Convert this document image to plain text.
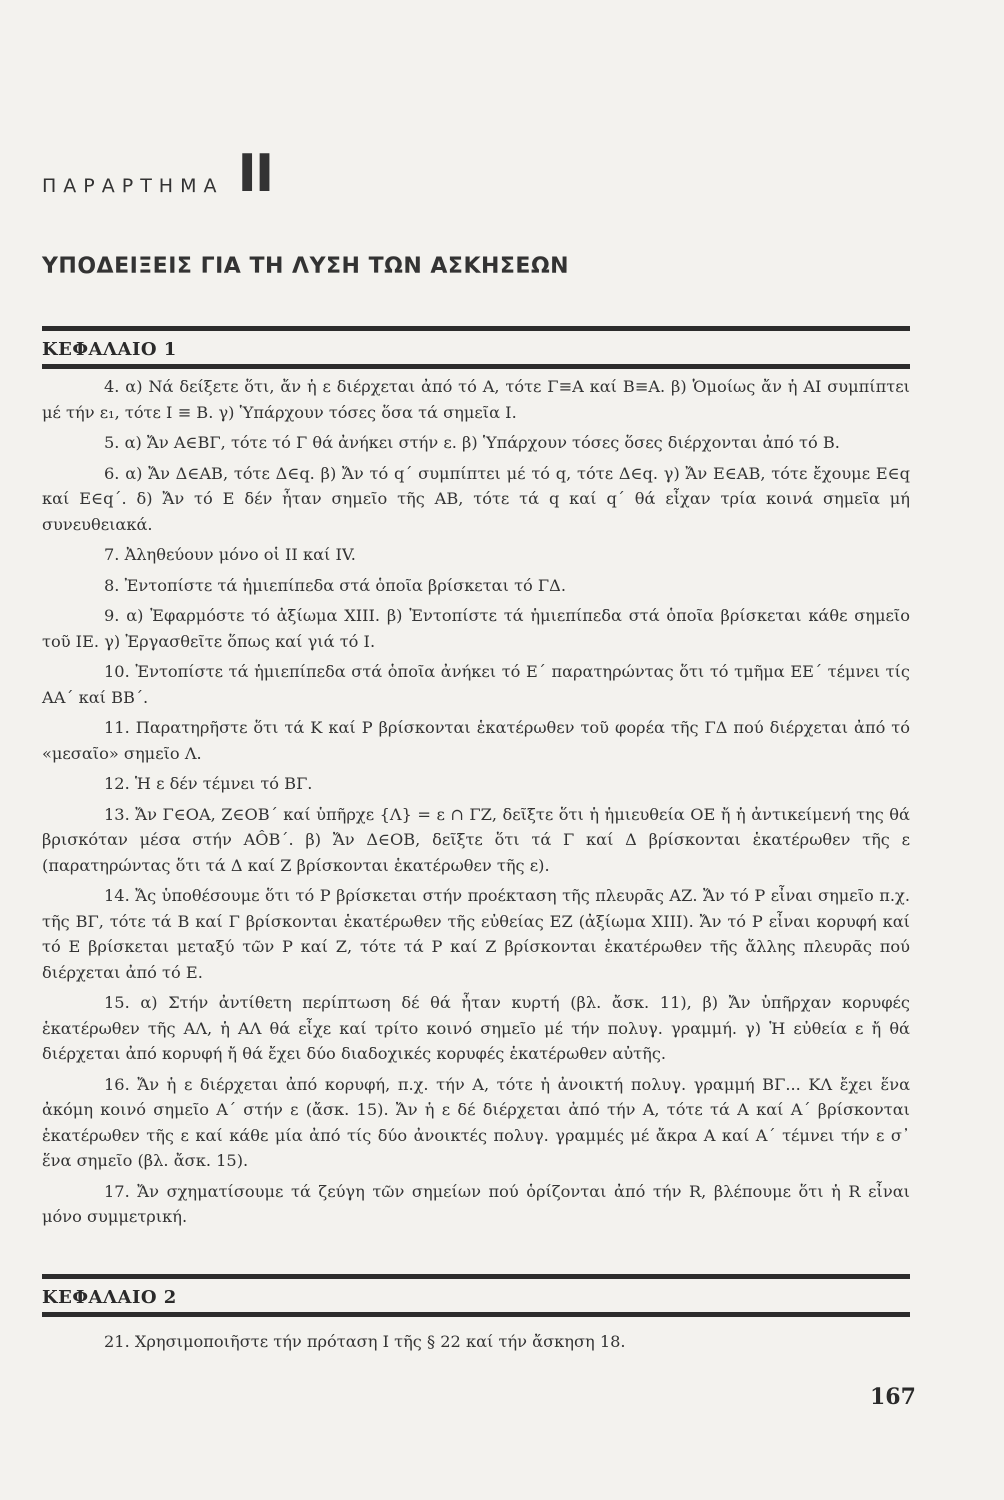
ΠΑΡΑΡΤΗΜΑ II
ΥΠΟΔΕΙΞΕΙΣ ΓΙΑ ΤΗ ΛΥΣΗ ΤΩΝ ΑΣΚΗΣΕΩΝ
ΚΕΦΑΛΑΙΟ 1

4. α) Νά δείξετε ὅτι, ἄν ἡ ε διέρχεται ἀπό τό Α, τότε Γ≡Α καί Β≡Α. β) Ὁμοίως ἄν ἡ ΑΙ συμπίπτει μέ τήν ε₁, τότε Ι ≡ Β. γ) Ὑπάρχουν τόσες ὅσα τά σημεῖα Ι.

5. α) Ἄν Α∈ΒΓ, τότε τό Γ θά ἀνήκει στήν ε. β) Ὑπάρχουν τόσες ὅσες διέρχονται ἀπό τό Β.

6. α) Ἄν Δ∈ΑΒ, τότε Δ∈q. β) Ἄν τό q΄ συμπίπτει μέ τό q, τότε Δ∈q. γ) Ἄν Ε∈ΑΒ, τότε ἔχουμε Ε∈q καί Ε∈q΄. δ) Ἄν τό Ε δέν ἦταν σημεῖο τῆς ΑΒ, τότε τά q καί q΄ θά εἶχαν τρία κοινά σημεῖα μή συνευθειακά.

7. Ἀληθεύουν μόνο οἱ ΙΙ καί IV.

8. Ἐντοπίστε τά ἡμιεπίπεδα στά ὁποῖα βρίσκεται τό ΓΔ.

9. α) Ἐφαρμόστε τό ἀξίωμα XIII. β) Ἐντοπίστε τά ἡμιεπίπεδα στά ὁποῖα βρίσκεται κάθε σημεῖο τοῦ ΙΕ. γ) Ἐργασθεῖτε ὅπως καί γιά τό Ι.

10. Ἐντοπίστε τά ἡμιεπίπεδα στά ὁποῖα ἀνήκει τό Ε΄ παρατηρώντας ὅτι τό τμῆμα ΕΕ΄ τέμνει τίς ΑΑ΄ καί ΒΒ΄.

11. Παρατηρῆστε ὅτι τά Κ καί Ρ βρίσκονται ἑκατέρωθεν τοῦ φορέα τῆς ΓΔ πού διέρχεται ἀπό τό «μεσαῖο» σημεῖο Λ.

12. Ἡ ε δέν τέμνει τό ΒΓ.

13. Ἄν Γ∈ΟΑ, Ζ∈ΟΒ΄ καί ὑπῆρχε {Λ} = ε ∩ ΓΖ, δεῖξτε ὅτι ἡ ἡμιευθεία ΟΕ ἤ ἡ ἀντικείμενή της θά βρισκόταν μέσα στήν ΑÔΒ΄. β) Ἄν Δ∈ΟΒ, δεῖξτε ὅτι τά Γ καί Δ βρίσκονται ἑκατέρωθεν τῆς ε (παρατηρώντας ὅτι τά Δ καί Ζ βρίσκονται ἑκατέρωθεν τῆς ε).

14. Ἄς ὑποθέσουμε ὅτι τό Ρ βρίσκεται στήν προέκταση τῆς πλευρᾶς ΑΖ. Ἄν τό Ρ εἶναι σημεῖο π.χ. τῆς ΒΓ, τότε τά Β καί Γ βρίσκονται ἑκατέρωθεν τῆς εὐθείας ΕΖ (ἀξίωμα XIII). Ἄν τό Ρ εἶναι κορυφή καί τό Ε βρίσκεται μεταξύ τῶν Ρ καί Ζ, τότε τά Ρ καί Ζ βρίσκονται ἑκατέρωθεν τῆς ἄλλης πλευρᾶς πού διέρχεται ἀπό τό Ε.

15. α) Στήν ἀντίθετη περίπτωση δέ θά ἦταν κυρτή (βλ. ἄσκ. 11), β) Ἄν ὑπῆρχαν κορυφές ἑκατέρωθεν τῆς ΑΛ, ἡ ΑΛ θά εἶχε καί τρίτο κοινό σημεῖο μέ τήν πολυγ. γραμμή. γ) Ἡ εὐθεία ε ἤ θά διέρχεται ἀπό κορυφή ἤ θά ἔχει δύο διαδοχικές κορυφές ἑκατέρωθεν αὐτῆς.

16. Ἄν ἡ ε διέρχεται ἀπό κορυφή, π.χ. τήν Α, τότε ἡ ἀνοικτή πολυγ. γραμμή ΒΓ... ΚΛ ἔχει ἕνα ἀκόμη κοινό σημεῖο Α΄ στήν ε (ἄσκ. 15). Ἄν ἡ ε δέ διέρχεται ἀπό τήν Α, τότε τά Α καί Α΄ βρίσκονται ἑκατέρωθεν τῆς ε καί κάθε μία ἀπό τίς δύο ἀνοικτές πολυγ. γραμμές μέ ἄκρα Α καί Α΄ τέμνει τήν ε σ᾽ ἕνα σημεῖο (βλ. ἄσκ. 15).

17. Ἄν σχηματίσουμε τά ζεύγη τῶν σημείων πού ὁρίζονται ἀπό τήν R, βλέπουμε ὅτι ἡ R εἶναι μόνο συμμετρική.

ΚΕΦΑΛΑΙΟ 2

21. Χρησιμοποιῆστε τήν πρόταση Ι τῆς § 22 καί τήν ἄσκηση 18.

167
